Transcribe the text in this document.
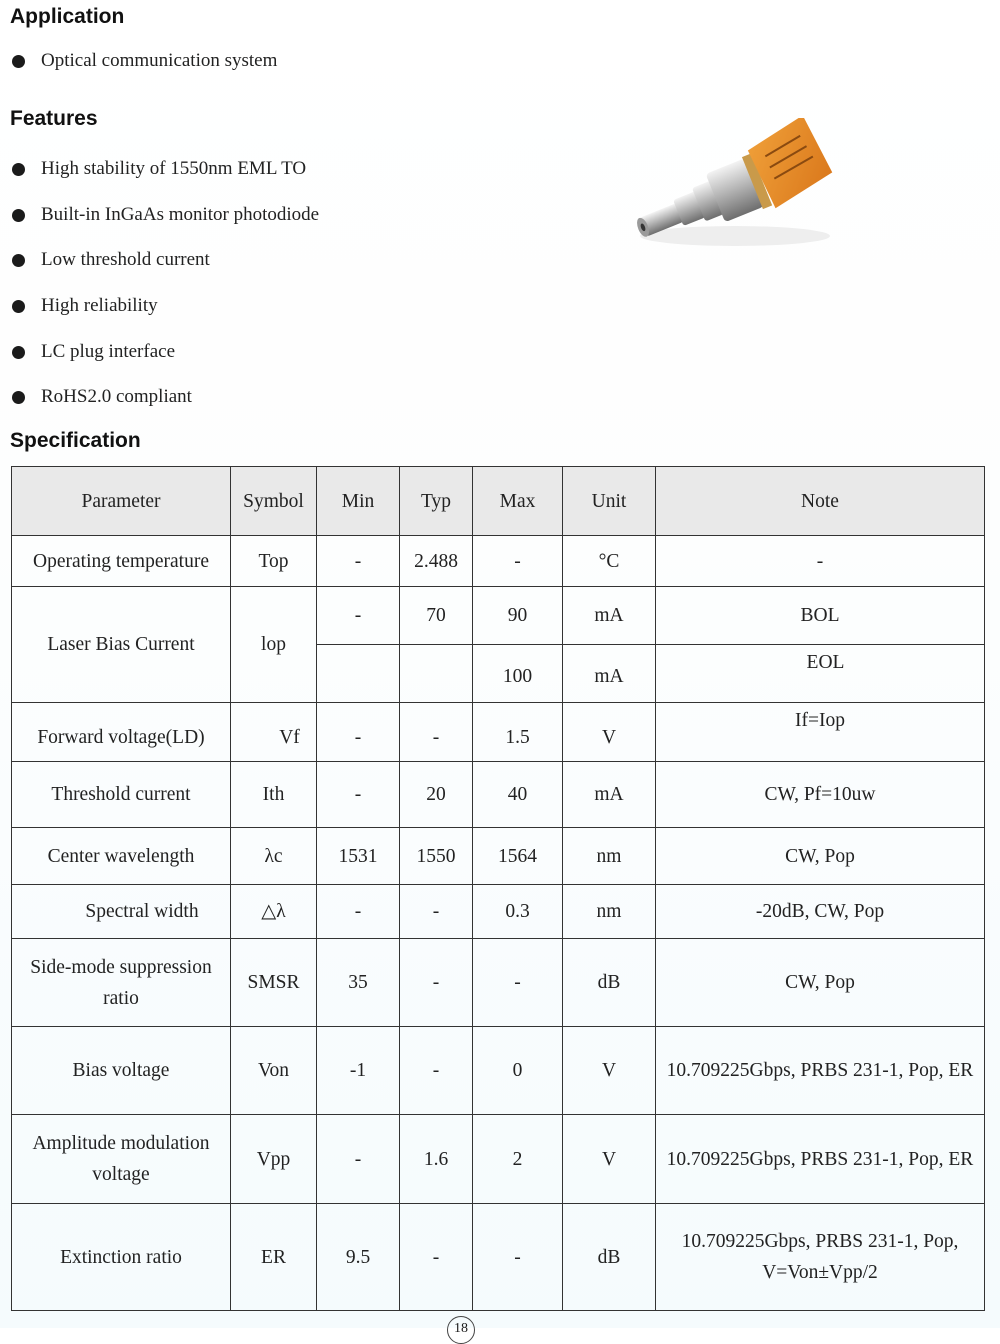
Application
Optical communication system
Features
High stability of 1550nm EML TO
Built-in InGaAs monitor photodiode
Low threshold current
High reliability
LC plug interface
RoHS2.0 compliant
Specification
Parameter	Symbol	Min	Typ	Max	Unit	Note
Operating temperature	Top	-	2.488	-	°C	-
Laser Bias Current	lop	-	70	90	mA	BOL
				100	mA	EOL
Forward voltage(LD)	Vf	-	-	1.5	V	If=Iop
Threshold current	Ith	-	20	40	mA	CW, Pf=10uw
Center wavelength	λc	1531	1550	1564	nm	CW, Pop
Spectral width	△λ	-	-	0.3	nm	-20dB, CW, Pop
Side-mode suppression ratio	SMSR	35	-	-	dB	CW, Pop
Bias voltage	Von	-1	-	0	V	10.709225Gbps, PRBS 231-1, Pop, ER
Amplitude modulation voltage	Vpp	-	1.6	2	V	10.709225Gbps, PRBS 231-1, Pop, ER
Extinction ratio	ER	9.5	-	-	dB	10.709225Gbps, PRBS 231-1, Pop, V=Von±Vpp/2
18
